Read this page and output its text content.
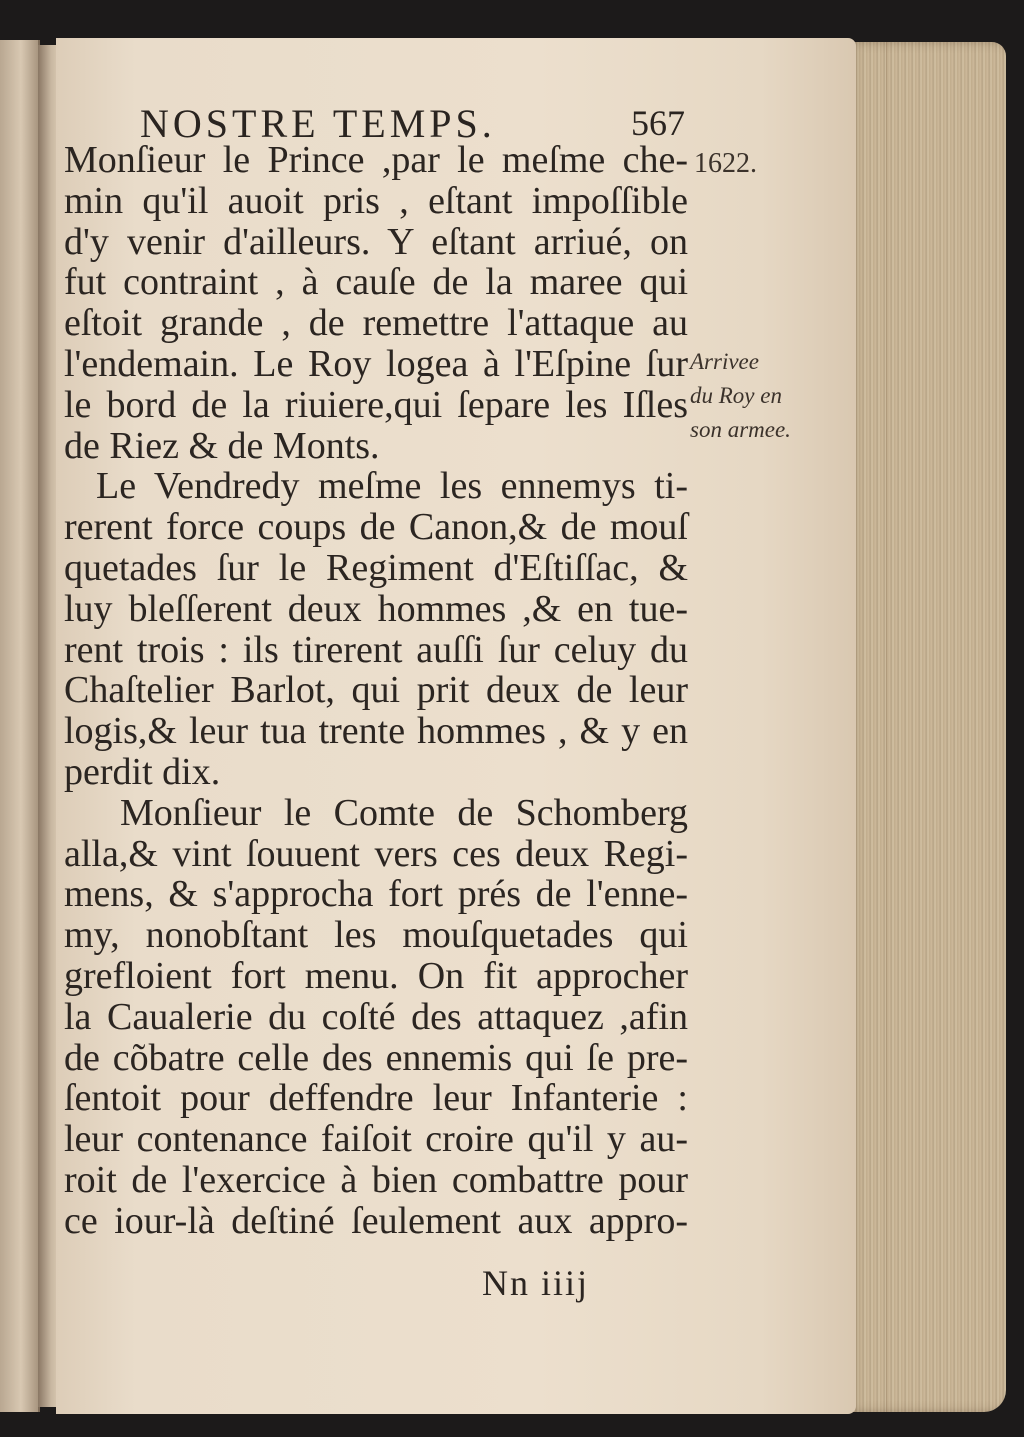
NOSTRE TEMPS.	567
1622.
Arrivee
du Roy en
son armee.
Monſieur le Prince ,par le meſme che-
min qu'il auoit pris , eſtant impoſſible
d'y venir d'ailleurs. Y eſtant arriué, on
fut contraint , à cauſe de la maree qui
eſtoit grande , de remettre l'attaque au
l'endemain. Le Roy logea à l'Eſpine ſur
le bord de la riuiere,qui ſepare les Iſles
de Riez & de Monts.
Le Vendredy meſme les ennemys ti-
rerent force coups de Canon,& de mouſ
quetades ſur le Regiment d'Eſtiſſac, &
luy bleſſerent deux hommes ,& en tue-
rent trois : ils tirerent auſſi ſur celuy du
Chaſtelier Barlot, qui prit deux de leur
logis,& leur tua trente hommes , & y en
perdit dix.
Monſieur le Comte de Schomberg
alla,& vint ſouuent vers ces deux Regi-
mens, & s'approcha fort prés de l'enne-
my, nonobſtant les mouſquetades qui
grefloient fort menu. On fit approcher
la Caualerie du coſté des attaquez ,afin
de cõbatre celle des ennemis qui ſe pre-
ſentoit pour deffendre leur Infanterie :
leur contenance faiſoit croire qu'il y au-
roit de l'exercice à bien combattre pour
ce iour-là deſtiné ſeulement aux appro-
Nn iiij
